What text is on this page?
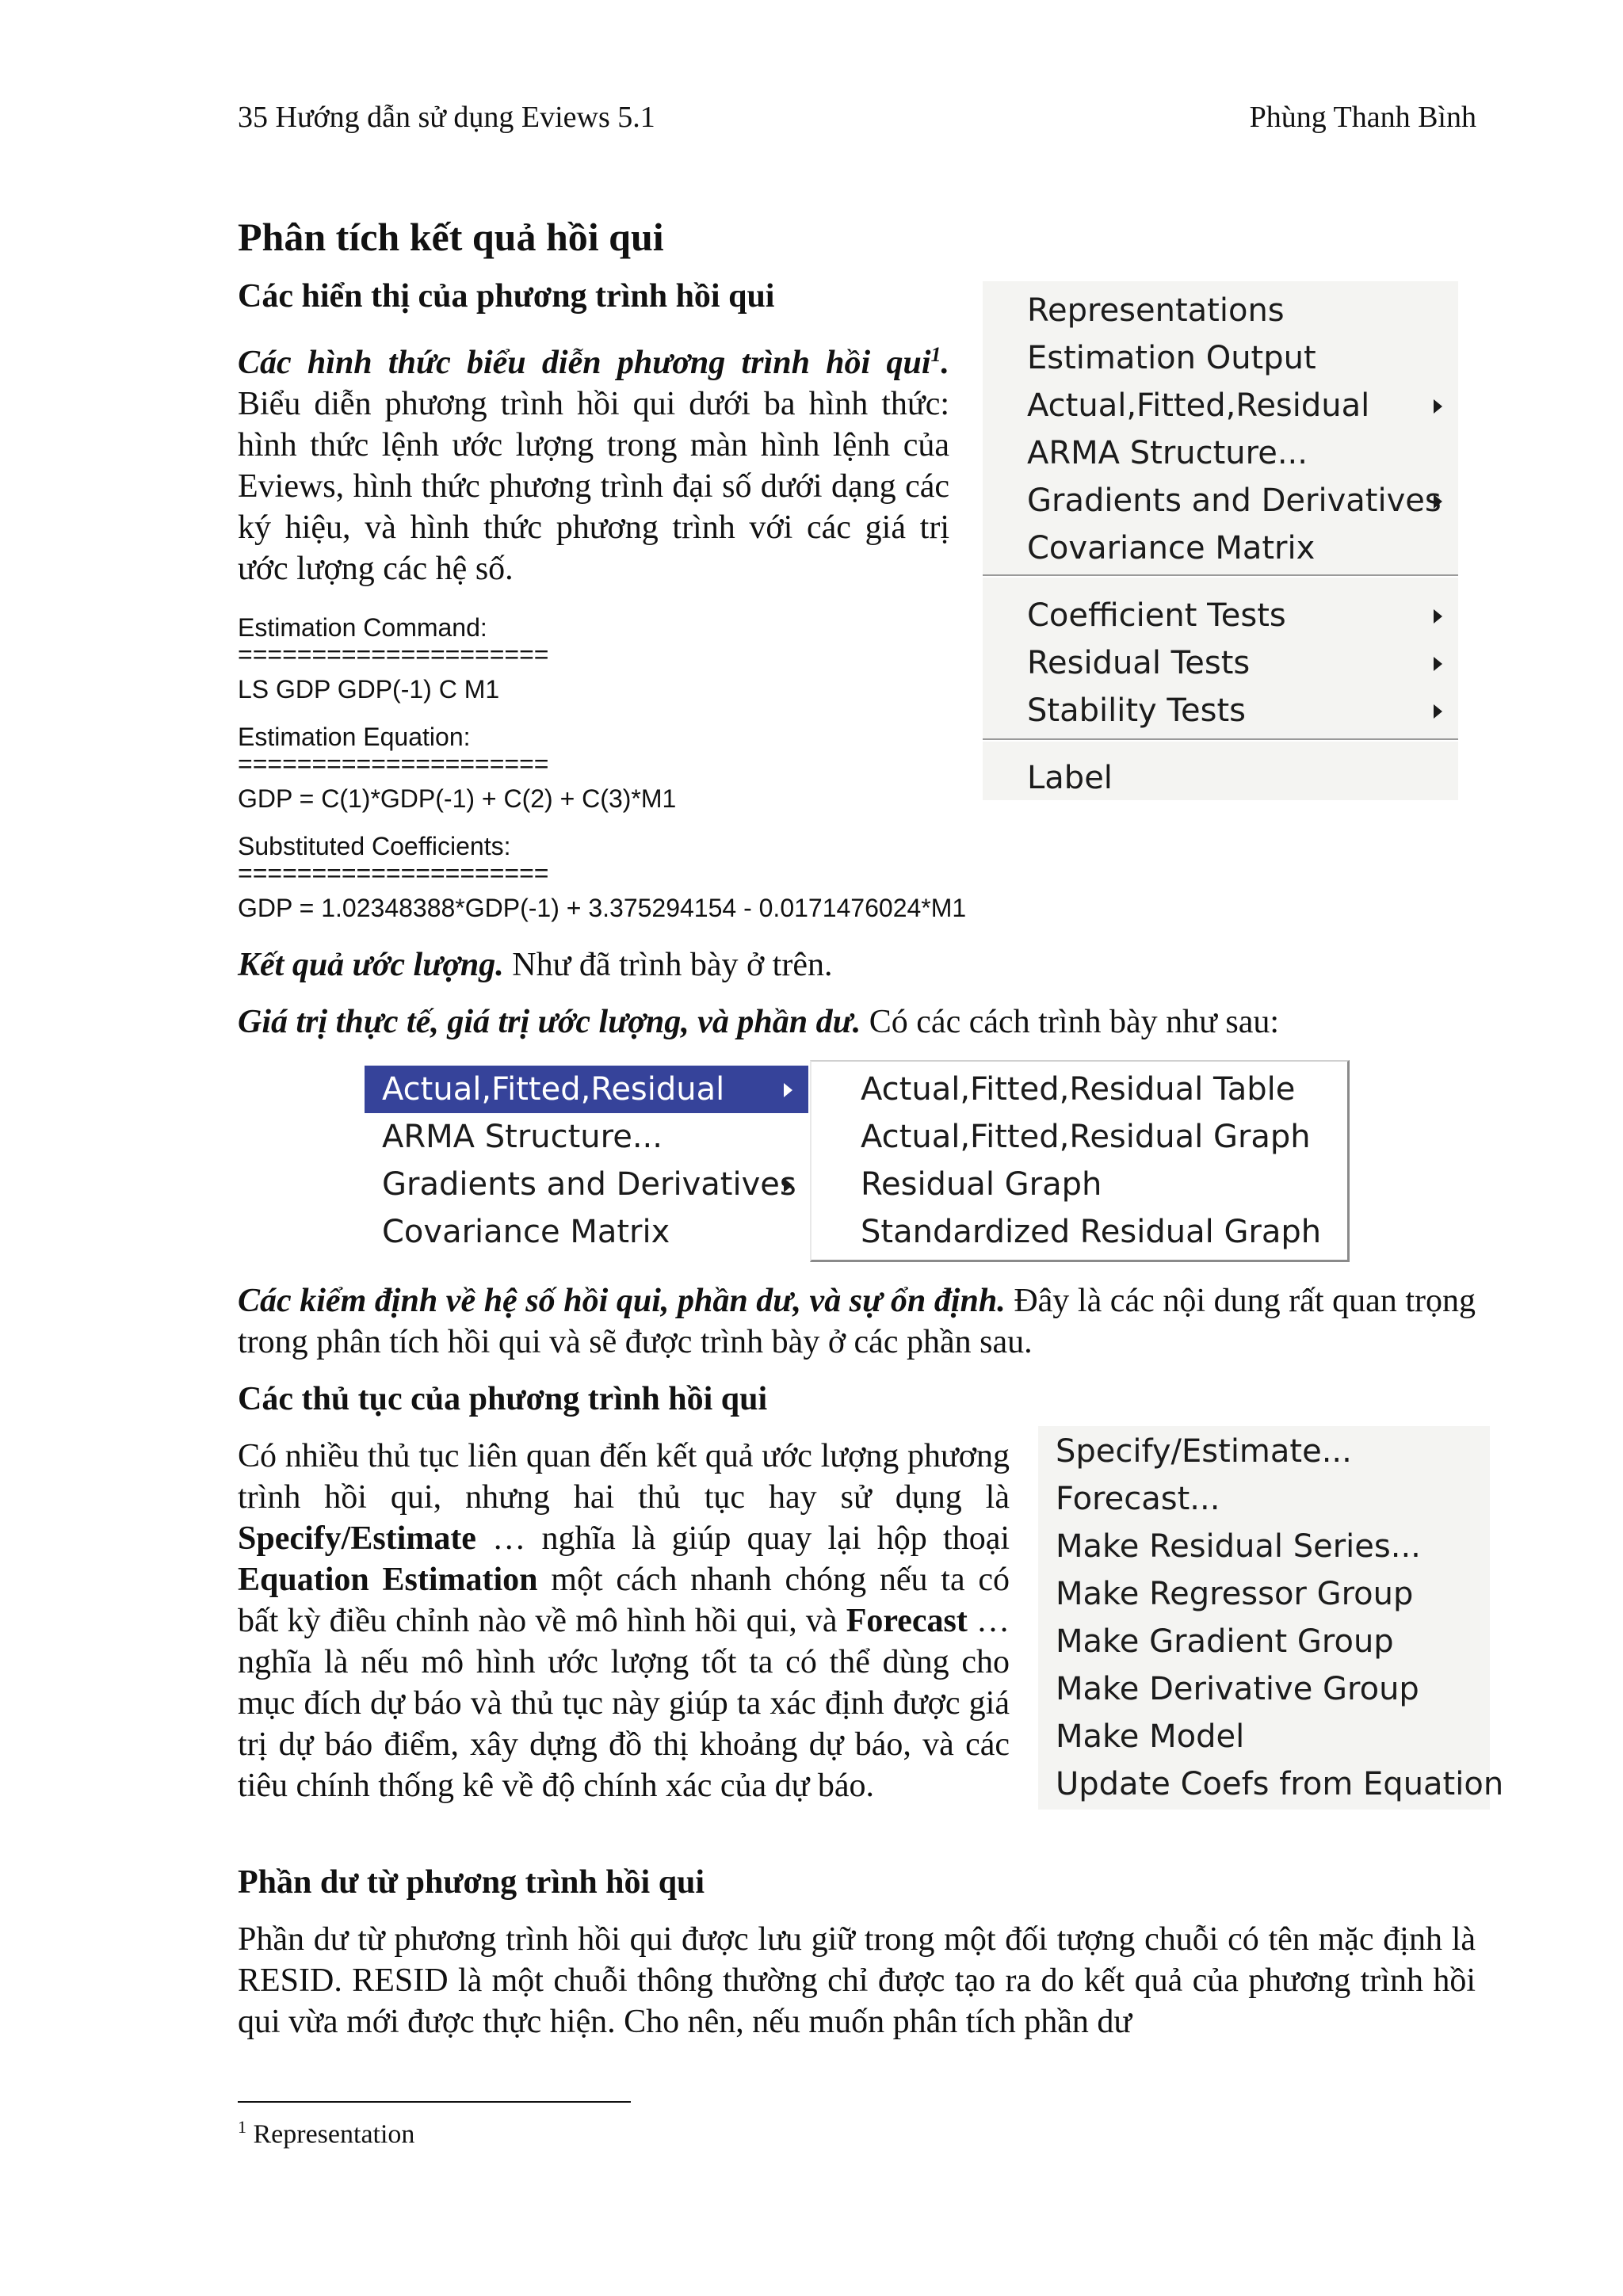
35 Hướng dẫn sử dụng Eviews 5.1	Phùng Thanh Bình
Phân tích kết quả hồi qui
Các hiển thị của phương trình hồi qui
Các hình thức biểu diễn phương trình hồi qui$^1$. Biểu diễn phương trình hồi qui dưới ba hình thức: hình thức lệnh ước lượng trong màn hình lệnh của Eviews, hình thức phương trình đại số dưới dạng các ký hiệu, và hình thức phương trình với các giá trị ước lượng các hệ số.
Representations
Estimation Output
Actual,Fitted,Residual
ARMA Structure...
Gradients and Derivatives
Covariance Matrix
Coefficient Tests
Residual Tests
Stability Tests
Label
Estimation Command:
=====================
LS GDP GDP(-1) C M1
Estimation Equation:
=====================
GDP = C(1)*GDP(-1) + C(2) + C(3)*M1
Substituted Coefficients:
=====================
GDP = 1.02348388*GDP(-1) + 3.375294154 - 0.0171476024*M1
Kết quả ước lượng. Như đã trình bày ở trên.
Giá trị thực tế, giá trị ước lượng, và phần dư. Có các cách trình bày như sau:
Actual,Fitted,Residual
ARMA Structure...
Gradients and Derivatives
Covariance Matrix
Actual,Fitted,Residual Table
Actual,Fitted,Residual Graph
Residual Graph
Standardized Residual Graph
Các kiểm định về hệ số hồi qui, phần dư, và sự ổn định. Đây là các nội dung rất quan trọng trong phân tích hồi qui và sẽ được trình bày ở các phần sau.
Các thủ tục của phương trình hồi qui
Có nhiều thủ tục liên quan đến kết quả ước lượng phương trình hồi qui, nhưng hai thủ tục hay sử dụng là Specify/Estimate … nghĩa là giúp quay lại hộp thoại Equation Estimation một cách nhanh chóng nếu ta có bất kỳ điều chỉnh nào về mô hình hồi qui, và Forecast … nghĩa là nếu mô hình ước lượng tốt ta có thể dùng cho mục đích dự báo và thủ tục này giúp ta xác định được giá trị dự báo điểm, xây dựng đồ thị khoảng dự báo, và các tiêu chính thống kê về độ chính xác của dự báo.
Specify/Estimate...
Forecast...
Make Residual Series...
Make Regressor Group
Make Gradient Group
Make Derivative Group
Make Model
Update Coefs from Equation
Phần dư từ phương trình hồi qui
Phần dư từ phương trình hồi qui được lưu giữ trong một đối tượng chuỗi có tên mặc định là RESID. RESID là một chuỗi thông thường chỉ được tạo ra do kết quả của phương trình hồi qui vừa mới được thực hiện. Cho nên, nếu muốn phân tích phần dư
$^1$ Representation
